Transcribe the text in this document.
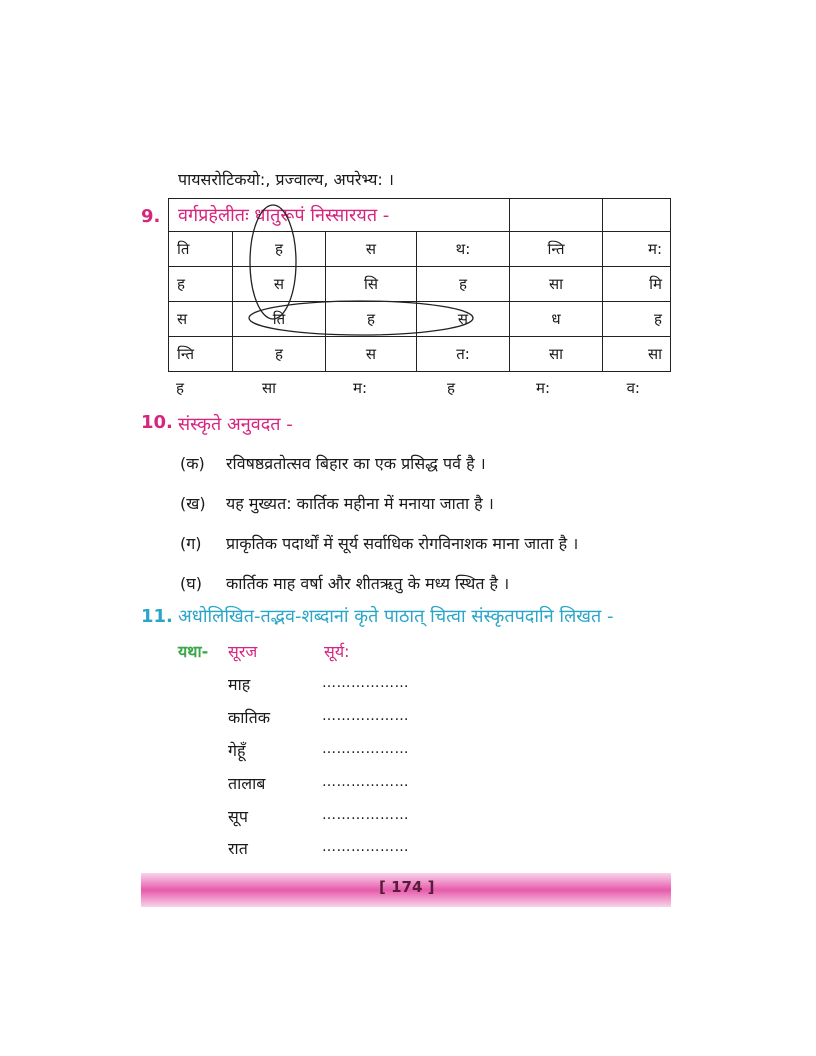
पायसरोटिकयो:, प्रज्वाल्य, अपरेभ्य: ।
9.

ति	ह	स	थ:	न्ति	म:
ह	स	सि	ह	सा	मि
स	ति	ह	स	ध	ह
न्ति	ह	स	त:	सा	सा
वर्गप्रहेलीतः धातुरूपं निस्सारयत -
ह	सा	म:	ह	म:	व:
10. संस्कृते अनुवदत -
(क) रविषष्ठव्रतोत्सव बिहार का एक प्रसिद्ध पर्व है ।
(ख) यह मुख्यत: कार्तिक महीना में मनाया जाता है ।
(ग) प्राकृतिक पदार्थों में सूर्य सर्वाधिक रोगविनाशक माना जाता है ।
(घ) कार्तिक माह वर्षा और शीतऋतु के मध्य स्थित है ।
11. अधोलिखित-तद्भव-शब्दानां कृते पाठात् चित्वा संस्कृतपदानि लिखत -
यथा- सूरज	सूर्य:
माह	………………
कातिक	………………
गेहूँ	………………
तालाब	………………
सूप	………………
रात	………………
[ 174 ]
